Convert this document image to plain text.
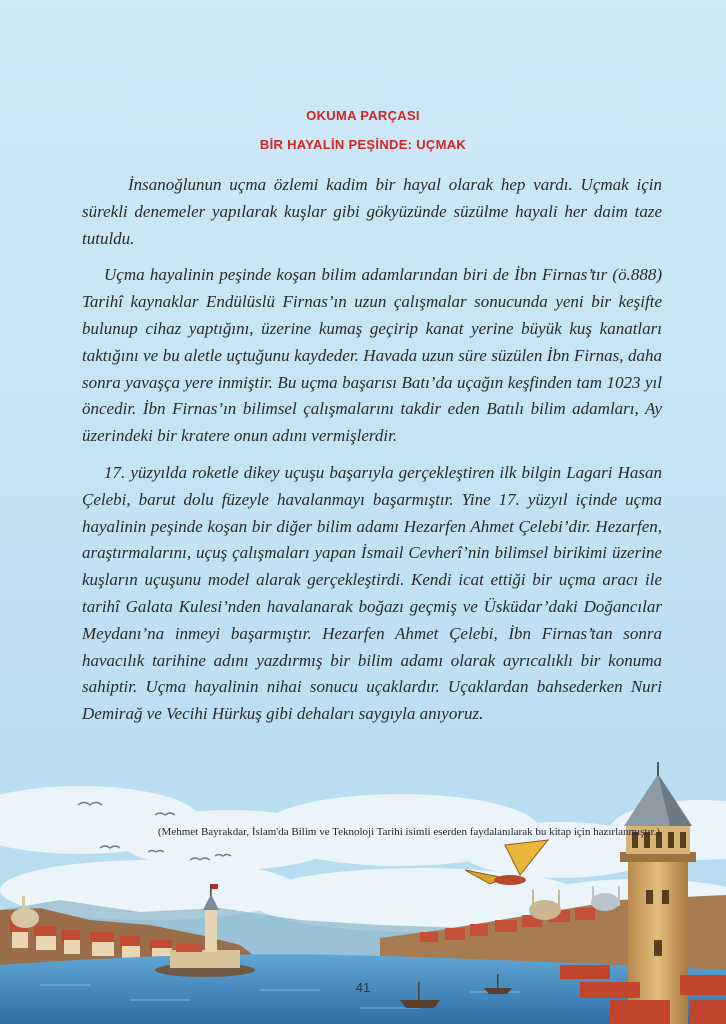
OKUMA PARÇASI
BİR HAYALİN PEŞİNDE: UÇMAK

İnsanoğlunun uçma özlemi kadim bir hayal olarak hep vardı. Uçmak için sürekli denemeler yapılarak kuşlar gibi gökyüzünde süzülme hayali her daim taze tutuldu.

Uçma hayalinin peşinde koşan bilim adamlarından biri de İbn Firnas’tır (ö.888) Tarihî kaynaklar Endülüslü Firnas’ın uzun çalışmalar sonucunda yeni bir keşifte bulunup cihaz yaptığını, üzerine kumaş geçirip kanat yerine büyük kuş kanatları taktığını ve bu aletle uçtuğunu kaydeder. Havada uzun süre süzülen İbn Firnas, daha sonra yavaşça yere inmiştir. Bu uçma başarısı Batı’da uçağın keşfinden tam 1023 yıl öncedir. İbn Firnas’ın bilimsel çalışmalarını takdir eden Batılı bilim adamları, Ay üzerindeki bir kratere onun adını vermişlerdir.

17. yüzyılda roketle dikey uçuşu başarıyla gerçekleştiren ilk bilgin Lagari Hasan Çelebi, barut dolu füzeyle havalanmayı başarmıştır. Yine 17. yüzyıl içinde uçma hayalinin peşinde koşan bir diğer bilim adamı Hezarfen Ahmet Çelebi’dir. Hezarfen, araştırmalarını, uçuş çalışmaları yapan İsmail Cevherî’nin bilimsel birikimi üzerine kuşların uçuşunu model alarak gerçekleştirdi. Kendi icat ettiği bir uçma aracı ile tarihî Galata Kulesi’nden havalanarak boğazı geçmiş ve Üsküdar’daki Doğancılar Meydanı’na inmeyi başarmıştır. Hezarfen Ahmet Çelebi, İbn Firnas’tan sonra havacılık tarihine adını yazdırmış bir bilim adamı olarak ayrıcalıklı bir konuma sahiptir. Uçma hayalinin nihai sonucu uçaklardır. Uçaklardan bahsederken Nuri Demirağ ve Vecihi Hürkuş gibi dehaları saygıyla anıyoruz.

(Mehmet Bayrakdar, İslam'da Bilim ve Teknoloji Tarihi isimli eserden faydalanılarak bu kitap için hazırlanmıştır.)
41
